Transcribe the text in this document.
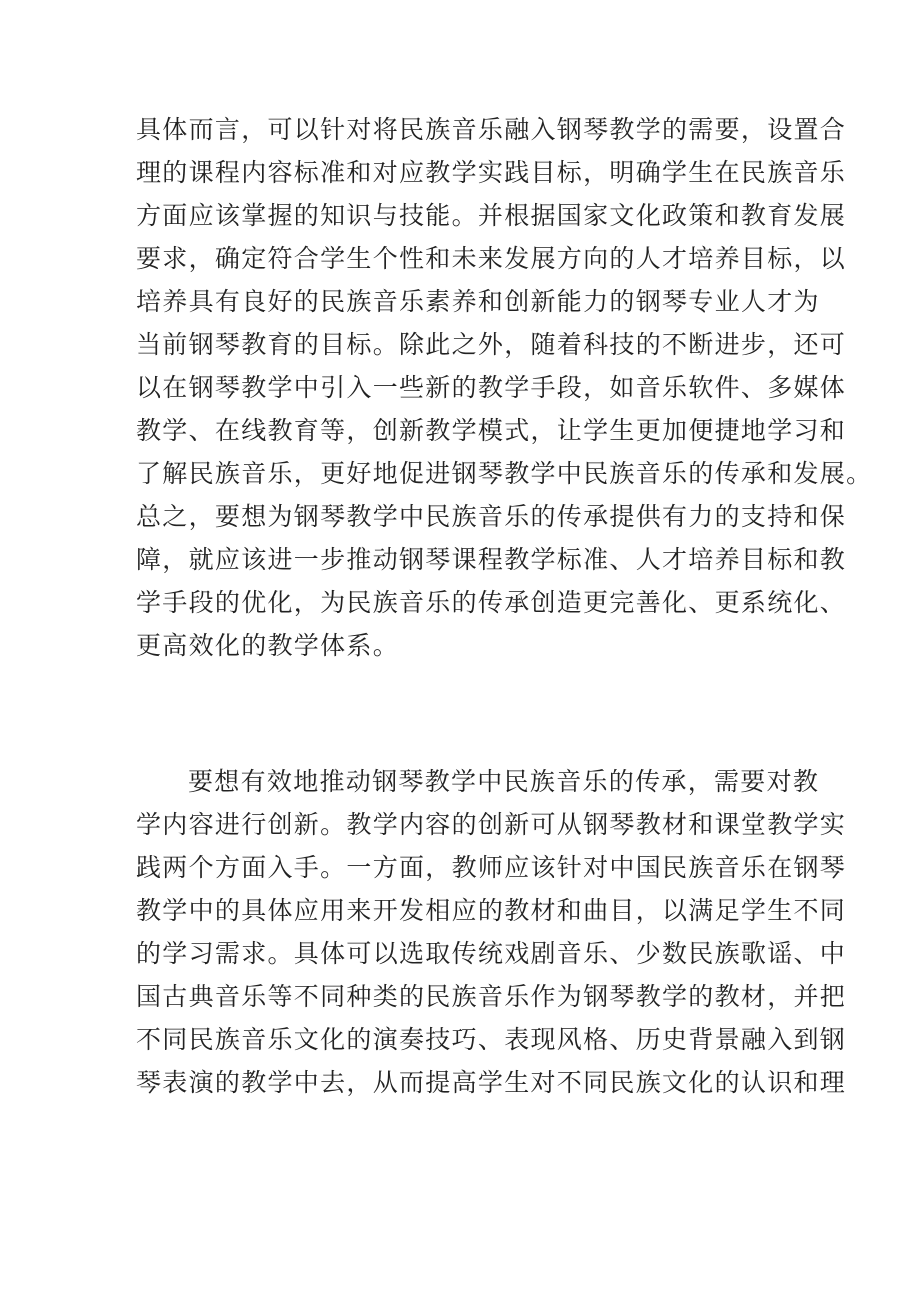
具体而言，可以针对将民族音乐融入钢琴教学的需要，设置合
理的课程内容标准和对应教学实践目标，明确学生在民族音乐
方面应该掌握的知识与技能。并根据国家文化政策和教育发展
要求，确定符合学生个性和未来发展方向的人才培养目标，以
培养具有良好的民族音乐素养和创新能力的钢琴专业人才为
当前钢琴教育的目标。除此之外，随着科技的不断进步，还可
以在钢琴教学中引入一些新的教学手段，如音乐软件、多媒体
教学、在线教育等，创新教学模式，让学生更加便捷地学习和
了解民族音乐，更好地促进钢琴教学中民族音乐的传承和发展。
总之，要想为钢琴教学中民族音乐的传承提供有力的支持和保
障，就应该进一步推动钢琴课程教学标准、人才培养目标和教
学手段的优化，为民族音乐的传承创造更完善化、更系统化、
更高效化的教学体系。
要想有效地推动钢琴教学中民族音乐的传承，需要对教
学内容进行创新。教学内容的创新可从钢琴教材和课堂教学实
践两个方面入手。一方面，教师应该针对中国民族音乐在钢琴
教学中的具体应用来开发相应的教材和曲目，以满足学生不同
的学习需求。具体可以选取传统戏剧音乐、少数民族歌谣、中
国古典音乐等不同种类的民族音乐作为钢琴教学的教材，并把
不同民族音乐文化的演奏技巧、表现风格、历史背景融入到钢
琴表演的教学中去，从而提高学生对不同民族文化的认识和理
